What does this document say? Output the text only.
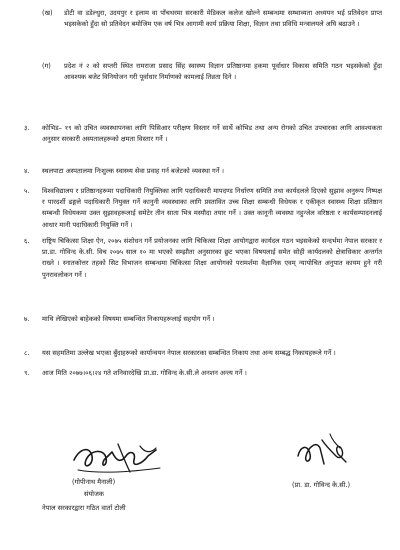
(ख) डोटी वा डडेल्धुरा, उदयपुर र इलाम वा पाँचथरमा सरकारी मेडिकल कलेज खोल्ने सम्बन्धमा सम्भाव्यता अध्ययन भई प्रतिवेदन प्राप्त भइसकेको हुँदा सो प्रतिवेदन बमोजिम एक वर्ष भित्र आगामी कार्य प्रक्रिया शिक्षा, विज्ञान तथा प्रविधि मन्त्रालयले अघि बढाउने ।
(ग) प्रदेश नं २ को सप्तरी स्थित रामराजा प्रसाद सिंह स्वास्थ्य विज्ञान प्रतिष्ठानमा हकमा पूर्वाधार विकास समिति गठन भइसकेको हुँदा आवश्यक बजेट विनियोजन गरी पूर्वाधार निर्माणको कामलाई तिव्रता दिने ।
३. कोभिड– १९ को उचित व्यवस्थापनका लागि पिसिआर परीक्षण विस्तार गर्ने सार्थे कोभिड तथा अन्य रोगको उचित उपचारका लागि आवश्यकता अनुसार सरकारी अस्पतालहरूको क्षमता विस्तार गर्ने ।
४. स्थलपाटा अस्पतालमा निःशुल्क स्वास्थ्य सेवा प्रवाह गर्न बजेटको व्यवस्था गर्ने ।
५. विश्वविद्यालय र प्रतिष्ठानहरूमा पदाधिकारी नियुक्तिका लागि पदाधिकारी मापदण्ड निर्धारण समिति तथा कार्यदलले दिएको सुझाव अनुरूप निष्पक्ष र पारदर्शी ढङ्गले पदाधिकारी नियुक्त गर्ने कानुनी व्यवस्थाका लागि प्रस्तावित उच्च शिक्षा सम्बन्धी विधेयक र एकीकृत स्वास्थ्य शिक्षा प्रतिष्ठान सम्बन्धी विधेयकमा उक्त सुझावहरूलाई समेटेर तीन साता भित्र मस्यौदा तयार गर्ने । उक्त कानूनी व्यवस्था नहुन्जेल वरिष्ठता र कार्यसम्पादनलाई आधार मानी पदाधिकारी नियुक्ति गर्ने ।
६. राष्ट्रिय चिकित्सा शिक्षा ऐन, २०७५ संशोधन गर्ने प्रयोजनका लागि चिकित्सा शिक्षा आयोगद्वारा कार्यदल गठन भइसकेको सन्दर्भमा नेपाल सरकार र प्रा.डा. गोविन्द के.सी. विच २०७५ साल १० मा भएको सम्झौता अनुसारका छुट भएका विषयलाई समेत सोही कार्यदलको क्षेत्राधिकार अन्तर्गत राख्ने । स्नातकोत्तर तहको सिट विभाजन सम्बन्धमा चिकित्सा शिक्षा आयोगको परामर्शमा वैज्ञानिक एवम् न्यायोचित अनुपात कायम हुने गरी पुनरावलोकन गर्ने ।
७. माथि लेखिएको बाहेकको विषयमा सम्बन्धित निकायहरूलाई सहयोग गर्ने ।
८. यस सहमतिमा उल्लेख भएका बुँदाहरूको कार्यान्वयन नेपाल सरकारका सम्बन्धित निकाय तथा अन्य सम्बद्ध निकायहरूले गर्ने ।
९. आज मिति २०७७।०६।२४ गते शनिवारदेखि प्रा.डा. गोविन्द के.सी.ले अनशन अन्त्य गर्ने ।
(गोपीनाथ मैनाली)
संयोजक
नेपाल सरकारद्वारा गठित वार्ता टोली
(प्रा. डा. गोविन्द के.सी.)
